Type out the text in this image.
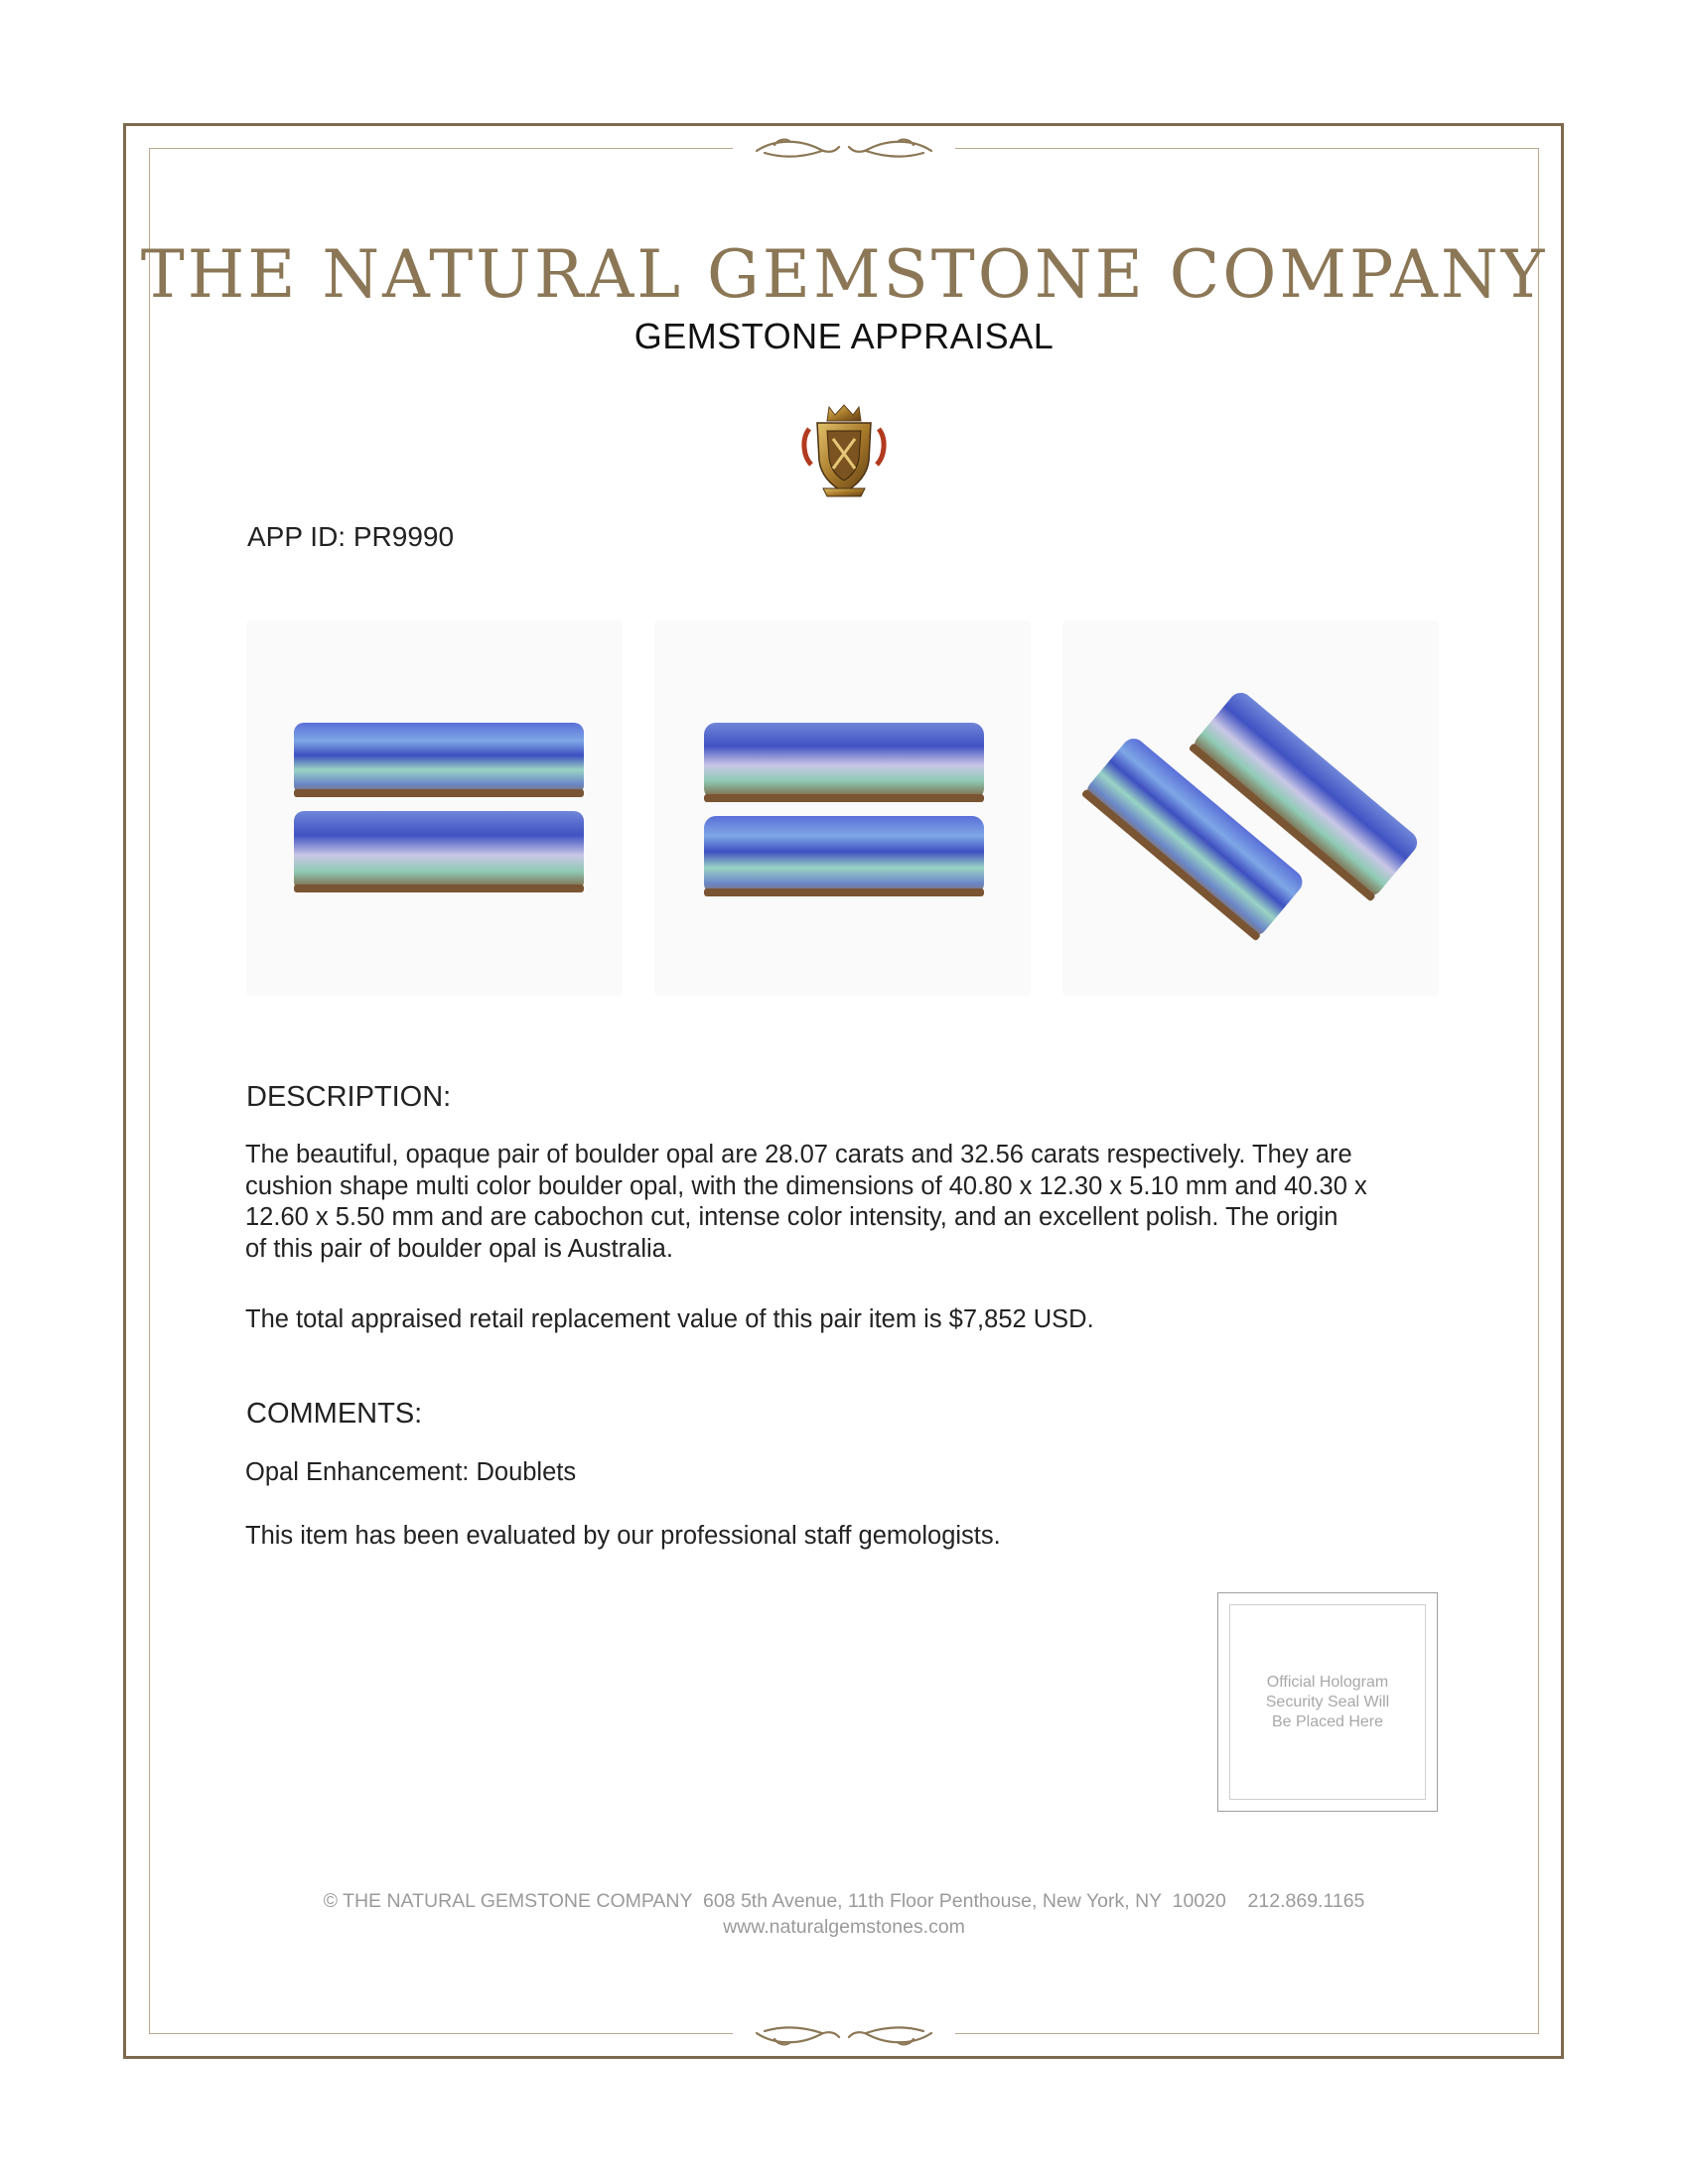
THE NATURAL GEMSTONE COMPANY
GEMSTONE APPRAISAL
APP ID: PR9990
DESCRIPTION:
The beautiful, opaque pair of boulder opal are 28.07 carats and 32.56 carats respectively. They are
cushion shape multi color boulder opal, with the dimensions of 40.80 x 12.30 x 5.10 mm and 40.30 x
12.60 x 5.50 mm and are cabochon cut, intense color intensity, and an excellent polish. The origin
of this pair of boulder opal is Australia.
The total appraised retail replacement value of this pair item is $7,852 USD.
COMMENTS:
Opal Enhancement: Doublets
This item has been evaluated by our professional staff gemologists.
Official Hologram
Security Seal Will
Be Placed Here
© THE NATURAL GEMSTONE COMPANY  608 5th Avenue, 11th Floor Penthouse, New York, NY  10020    212.869.1165
www.naturalgemstones.com
